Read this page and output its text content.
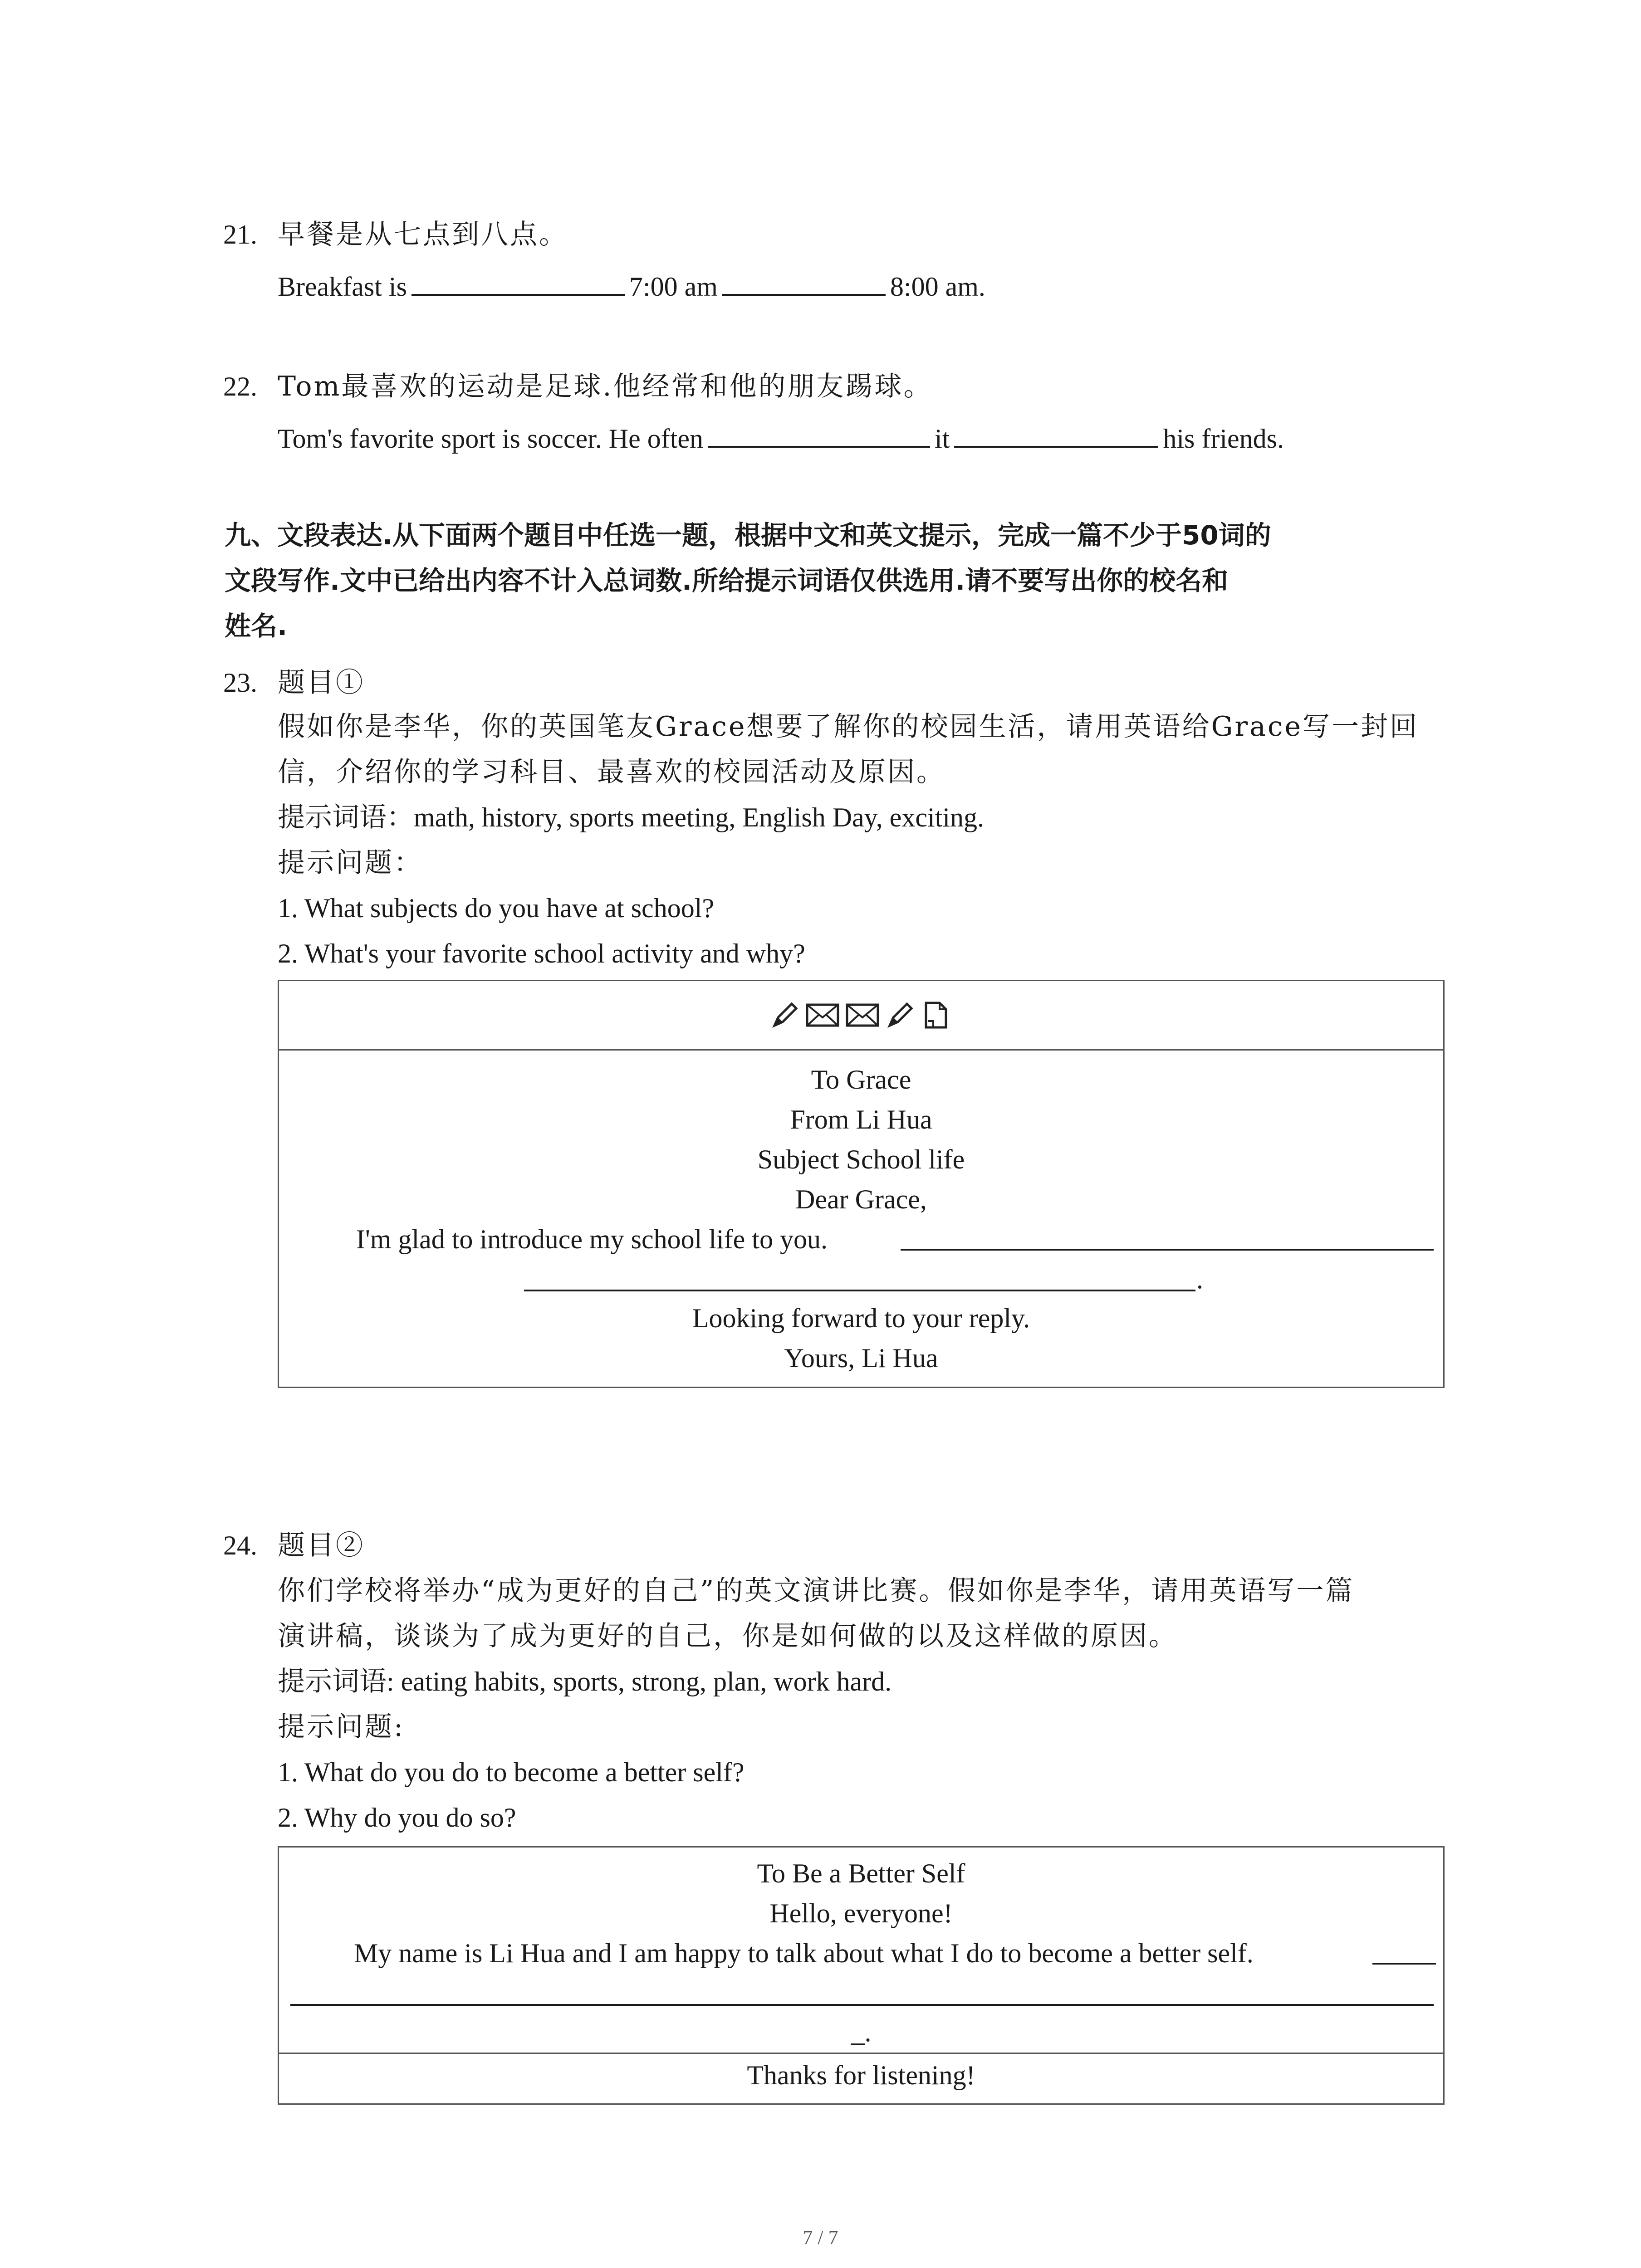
21. 早餐是从七点到八点。
Breakfast is	7:00 am	8:00 am.
22. Tom最喜欢的运动是足球.他经常和他的朋友踢球。
Tom's favorite sport is soccer. He often	it	his friends.
九、文段表达.从下面两个题目中任选一题，根据中文和英文提示，完成一篇不少于50词的
文段写作.文中已给出内容不计入总词数.所给提示词语仅供选用.请不要写出你的校名和
姓名.
23. 题目①
假如你是李华，你的英国笔友Grace想要了解你的校园生活，请用英语给Grace写一封回
信，介绍你的学习科目、最喜欢的校园活动及原因。
提示词语：math, history, sports meeting, English Day, exciting.
提示问题：
1. What subjects do you have at school?
2. What's your favorite school activity and why?
To Grace
From Li Hua
Subject School life
Dear Grace,
I'm glad to introduce my school life to you.
.
Looking forward to your reply.
Yours, Li Hua
24. 题目②
你们学校将举办“成为更好的自己”的英文演讲比赛。假如你是李华，请用英语写一篇
演讲稿，谈谈为了成为更好的自己，你是如何做的以及这样做的原因。
提示词语: eating habits, sports, strong, plan, work hard.
提示问题:
1. What do you do to become a better self?
2. Why do you do so?
To Be a Better Self
Hello, everyone!
My name is Li Hua and I am happy to talk about what I do to become a better self.
_.
Thanks for listening!
7 / 7
